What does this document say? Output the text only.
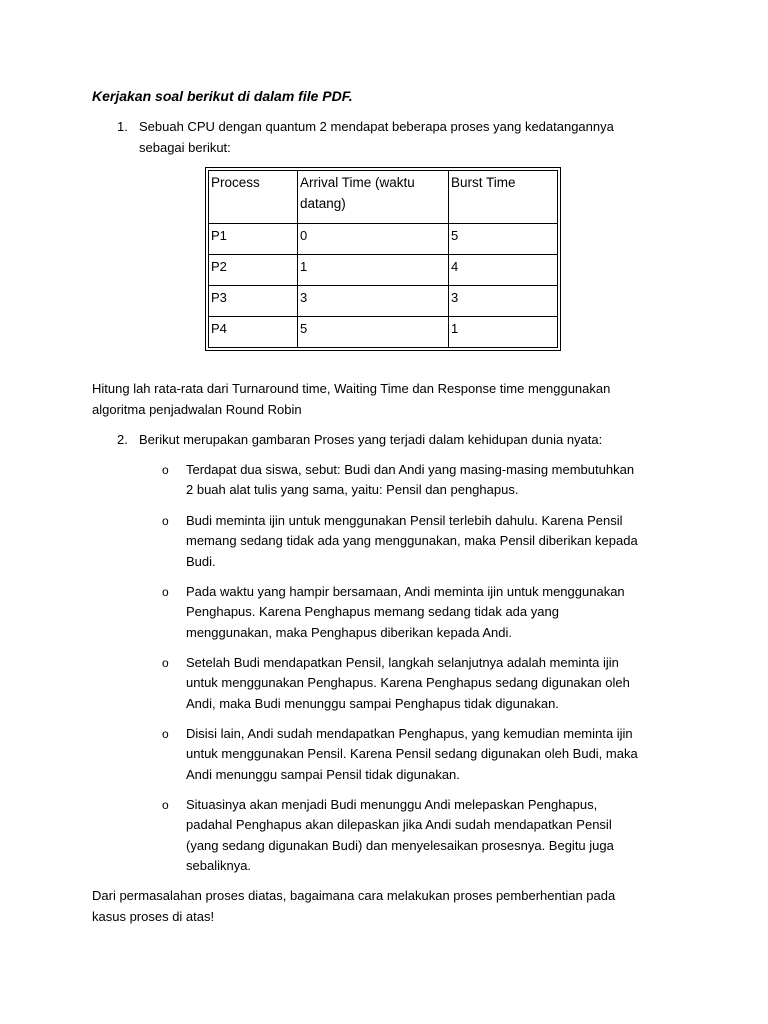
Kerjakan soal berikut di dalam file PDF.
1. Sebuah CPU dengan quantum 2 mendapat beberapa proses yang kedatangannya
sebagai berikut:
Process	Arrival Time (waktu
datang)	Burst Time
P1	0	5
P2	1	4
P3	3	3
P4	5	1
Hitung lah rata-rata dari Turnaround time, Waiting Time dan Response time menggunakan
algoritma penjadwalan Round Robin
2. Berikut merupakan gambaran Proses yang terjadi dalam kehidupan dunia nyata:
o Terdapat dua siswa, sebut: Budi dan Andi yang masing-masing membutuhkan
2 buah alat tulis yang sama, yaitu: Pensil dan penghapus.
o Budi meminta ijin untuk menggunakan Pensil terlebih dahulu. Karena Pensil
memang sedang tidak ada yang menggunakan, maka Pensil diberikan kepada
Budi.
o Pada waktu yang hampir bersamaan, Andi meminta ijin untuk menggunakan
Penghapus. Karena Penghapus memang sedang tidak ada yang
menggunakan, maka Penghapus diberikan kepada Andi.
o Setelah Budi mendapatkan Pensil, langkah selanjutnya adalah meminta ijin
untuk menggunakan Penghapus. Karena Penghapus sedang digunakan oleh
Andi, maka Budi menunggu sampai Penghapus tidak digunakan.
o Disisi lain, Andi sudah mendapatkan Penghapus, yang kemudian meminta ijin
untuk menggunakan Pensil. Karena Pensil sedang digunakan oleh Budi, maka
Andi menunggu sampai Pensil tidak digunakan.
o Situasinya akan menjadi Budi menunggu Andi melepaskan Penghapus,
padahal Penghapus akan dilepaskan jika Andi sudah mendapatkan Pensil
(yang sedang digunakan Budi) dan menyelesaikan prosesnya. Begitu juga
sebaliknya.
Dari permasalahan proses diatas, bagaimana cara melakukan proses pemberhentian pada
kasus proses di atas!
